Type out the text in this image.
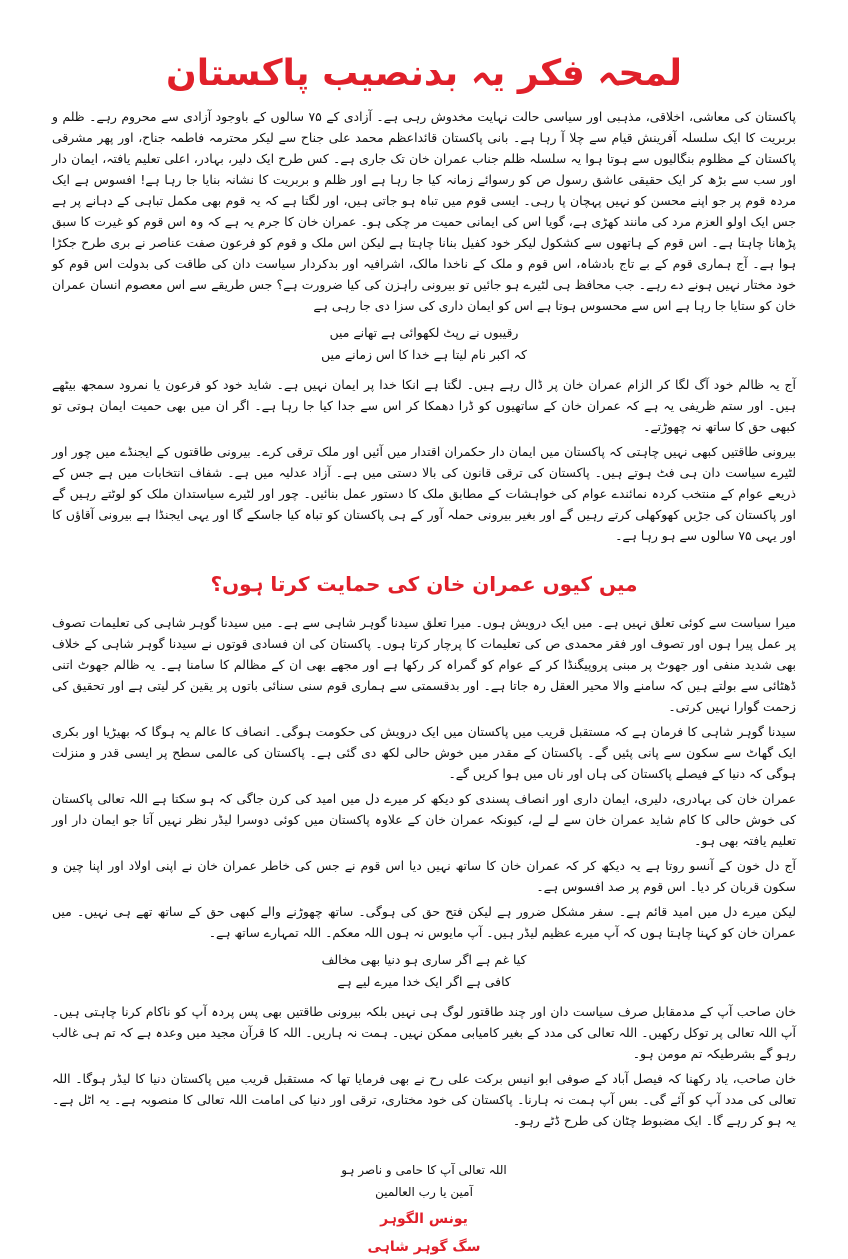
لمحہ فکر یہ بدنصیب پاکستان

پاکستان کی معاشی، اخلاقی، مذہبی اور سیاسی حالت نہایت مخدوش رہی ہے۔ آزادی کے ۷۵ سالوں کے باوجود آزادی سے محروم رہے۔ ظلم و بربریت کا ایک سلسلہ آفرینش قیام سے چلا آ رہا ہے۔ بانی پاکستان قائداعظم محمد علی جناح سے لیکر محترمہ فاطمہ جناح، اور پھر مشرقی پاکستان کے مظلوم بنگالیوں سے ہوتا ہوا یہ سلسلہ ظلم جناب عمران خان تک جاری ہے۔ کس طرح ایک دلیر، بہادر، اعلی تعلیم یافتہ، ایمان دار اور سب سے بڑھ کر ایک حقیقی عاشق رسول ص کو رسوائے زمانہ کیا جا رہا ہے اور ظلم و بربریت کا نشانہ بنایا جا رہا ہے! افسوس ہے ایک مردہ قوم پر جو اپنے محسن کو نہیں پہچان پا رہی۔ ایسی قوم میں تباہ ہو جاتی ہیں، اور لگتا ہے کہ یہ قوم بھی مکمل تباہی کے دہانے پر ہے جس ایک اولو العزم مرد کی مانند کھڑی ہے، گویا اس کی ایمانی حمیت مر چکی ہو۔ عمران خان کا جرم یہ ہے کہ وہ اس قوم کو غیرت کا سبق پڑھانا چاہتا ہے۔ اس قوم کے ہاتھوں سے کشکول لیکر خود کفیل بنانا چاہتا ہے لیکن اس ملک و قوم کو فرعون صفت عناصر نے بری طرح جکڑا ہوا ہے۔ آج ہماری قوم کے بے تاج بادشاہ، اس قوم و ملک کے ناخدا مالک، اشرافیہ اور بدکردار سیاست دان کی طاقت کی بدولت اس قوم کو خود مختار نہیں ہونے دے رہے۔ جب محافظ ہی لٹیرے ہو جائیں تو بیرونی راہزن کی کیا ضرورت ہے؟ جس طریقے سے اس معصوم انسان عمران خان کو ستایا جا رہا ہے اس سے محسوس ہوتا ہے اس کو ایمان داری کی سزا دی جا رہی ہے

رقیبوں نے رپٹ لکھوائی ہے تھانے میں

کہ اکبر نام لیتا ہے خدا کا اس زمانے میں

آج یہ ظالم خود آگ لگا کر الزام عمران خان پر ڈال رہے ہیں۔ لگتا ہے انکا خدا پر ایمان نہیں ہے۔ شاید خود کو فرعون یا نمرود سمجھ بیٹھے ہیں۔ اور ستم ظریفی یہ ہے کہ عمران خان کے ساتھیوں کو ڈرا دھمکا کر اس سے جدا کیا جا رہا ہے۔ اگر ان میں بھی حمیت ایمان ہوتی تو کبھی حق کا ساتھ نہ چھوڑتے۔

بیرونی طاقتیں کبھی نہیں چاہتی کہ پاکستان میں ایمان دار حکمران اقتدار میں آئیں اور ملک ترقی کرے۔ بیرونی طاقتوں کے ایجنڈے میں چور اور لٹیرے سیاست دان ہی فٹ ہوتے ہیں۔ پاکستان کی ترقی قانون کی بالا دستی میں ہے۔ آزاد عدلیہ میں ہے۔ شفاف انتخابات میں ہے جس کے ذریعے عوام کے منتخب کردہ نمائندے عوام کی خواہشات کے مطابق ملک کا دستور عمل بنائیں۔ چور اور لٹیرے سیاستدان ملک کو لوٹتے رہیں گے اور پاکستان کی جڑیں کھوکھلی کرتے رہیں گے اور بغیر بیرونی حملہ آور کے ہی پاکستان کو تباہ کیا جاسکے گا اور یہی ایجنڈا ہے بیرونی آقاؤں کا اور یہی ۷۵ سالوں سے ہو رہا ہے۔

میں کیوں عمران خان کی حمایت کرتا ہوں؟

میرا سیاست سے کوئی تعلق نہیں ہے۔ میں ایک درویش ہوں۔ میرا تعلق سیدنا گوہر شاہی سے ہے۔ میں سیدنا گوہر شاہی کی تعلیمات تصوف پر عمل پیرا ہوں اور تصوف اور فقر محمدی ص کی تعلیمات کا پرچار کرتا ہوں۔ پاکستان کی ان فسادی قوتوں نے سیدنا گوہر شاہی کے خلاف بھی شدید منفی اور جھوٹ پر مبنی پروپیگنڈا کر کے عوام کو گمراہ کر رکھا ہے اور مجھے بھی ان کے مظالم کا سامنا ہے۔ یہ ظالم جھوٹ اتنی ڈھٹائی سے بولتے ہیں کہ سامنے والا محیر العقل رہ جاتا ہے۔ اور بدقسمتی سے ہماری قوم سنی سنائی باتوں پر یقین کر لیتی ہے اور تحقیق کی زحمت گوارا نہیں کرتی۔

سیدنا گوہر شاہی کا فرمان ہے کہ مستقبل قریب میں پاکستان میں ایک درویش کی حکومت ہوگی۔ انصاف کا عالم یہ ہوگا کہ بھیڑیا اور بکری ایک گھاٹ سے سکون سے پانی پئیں گے۔ پاکستان کے مقدر میں خوش حالی لکھ دی گئی ہے۔ پاکستان کی عالمی سطح پر ایسی قدر و منزلت ہوگی کہ دنیا کے فیصلے پاکستان کی ہاں اور ناں میں ہوا کریں گے۔

عمران خان کی بہادری، دلیری، ایمان داری اور انصاف پسندی کو دیکھ کر میرے دل میں امید کی کرن جاگی کہ ہو سکتا ہے اللہ تعالی پاکستان کی خوش حالی کا کام شاید عمران خان سے لے لے، کیونکہ عمران خان کے علاوہ پاکستان میں کوئی دوسرا لیڈر نظر نہیں آتا جو ایمان دار اور تعلیم یافتہ بھی ہو۔

آج دل خون کے آنسو روتا ہے یہ دیکھ کر کہ عمران خان کا ساتھ نہیں دیا اس قوم نے جس کی خاطر عمران خان نے اپنی اولاد اور اپنا چین و سکون قربان کر دیا۔ اس قوم پر صد افسوس ہے۔

لیکن میرے دل میں امید قائم ہے۔ سفر مشکل ضرور ہے لیکن فتح حق کی ہوگی۔ ساتھ چھوڑنے والے کبھی حق کے ساتھ تھے ہی نہیں۔ میں عمران خان کو کہنا چاہتا ہوں کہ آپ میرے عظیم لیڈر ہیں۔ آپ مایوس نہ ہوں اللہ معکم۔ اللہ تمہارے ساتھ ہے۔

کیا غم ہے اگر ساری ہو دنیا بھی مخالف

کافی ہے اگر ایک خدا میرے لیے ہے

خان صاحب آپ کے مدمقابل صرف سیاست دان اور چند طاقتور لوگ ہی نہیں بلکہ بیرونی طاقتیں بھی پس پردہ آپ کو ناکام کرنا چاہتی ہیں۔ آپ اللہ تعالی پر توکل رکھیں۔ اللہ تعالی کی مدد کے بغیر کامیابی ممکن نہیں۔ ہمت نہ ہاریں۔ اللہ کا قرآن مجید میں وعدہ ہے کہ تم ہی غالب رہو گے بشرطیکہ تم مومن ہو۔

خان صاحب، یاد رکھنا کہ فیصل آباد کے صوفی ابو انیس برکت علی رح نے بھی فرمایا تھا کہ مستقبل قریب میں پاکستان دنیا کا لیڈر ہوگا۔ اللہ تعالی کی مدد آپ کو آئے گی۔ بس آپ ہمت نہ ہارنا۔ پاکستان کی خود مختاری، ترقی اور دنیا کی امامت اللہ تعالی کا منصوبہ ہے۔ یہ اٹل ہے۔ یہ ہو کر رہے گا۔ ایک مضبوط چٹان کی طرح ڈٹے رہو۔

اللہ تعالی آپ کا حامی و ناصر ہو

آمین یا رب العالمین

یونس الگوہر

سگ گوہر شاہی
